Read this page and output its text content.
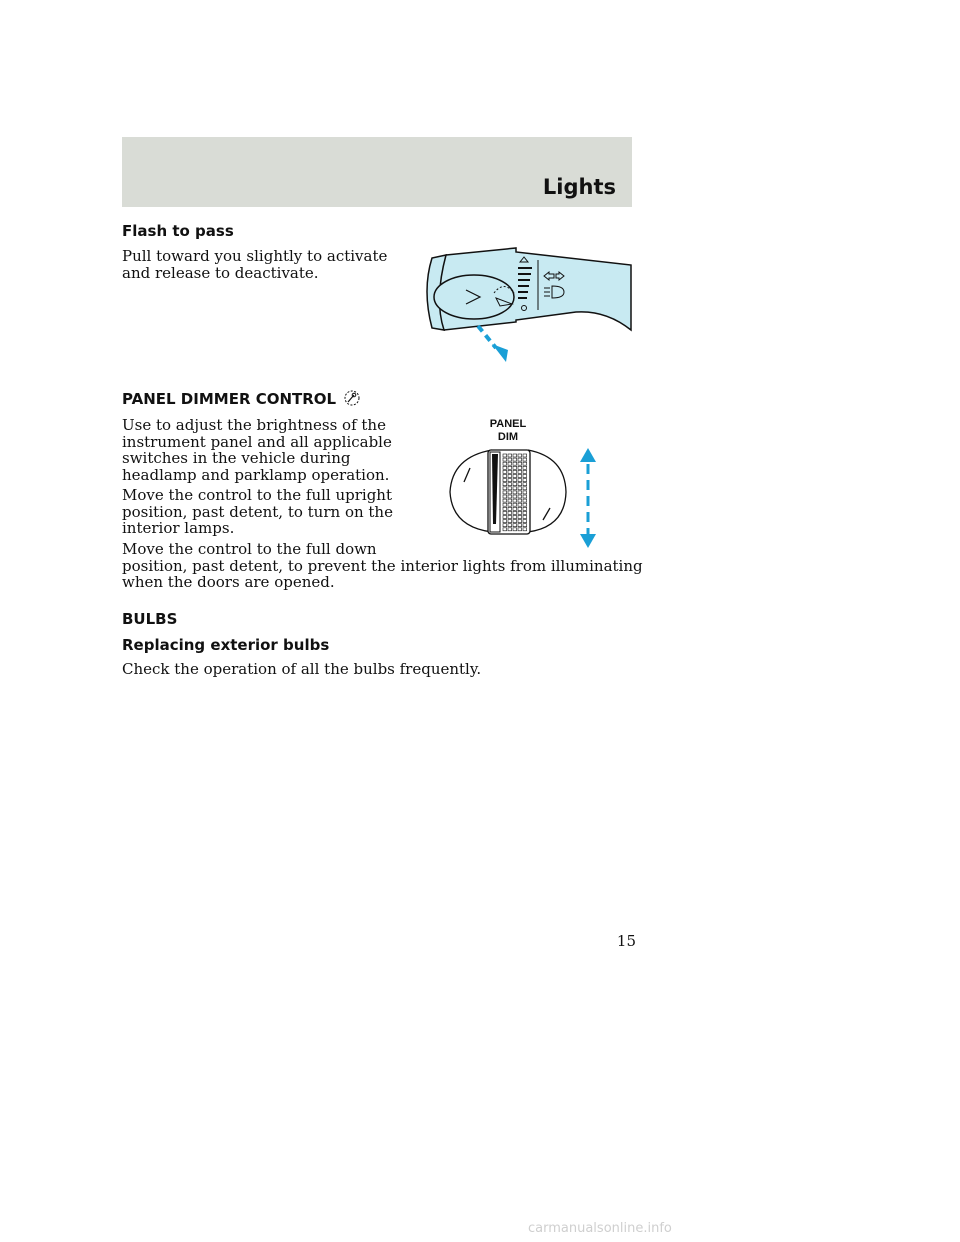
Lights
Flash to pass
Pull toward you slightly to activate
and release to deactivate.
PANEL DIMMER CONTROL
Use to adjust the brightness of the
instrument panel and all applicable
switches in the vehicle during
headlamp and parklamp operation.
Move the control to the full upright
position, past detent, to turn on the
interior lamps.
Move the control to the full down
position, past detent, to prevent the interior lights from illuminating
when the doors are opened.
PANEL
DIM
BULBS
Replacing exterior bulbs
Check the operation of all the bulbs frequently.
15
carmanualsonline.info
